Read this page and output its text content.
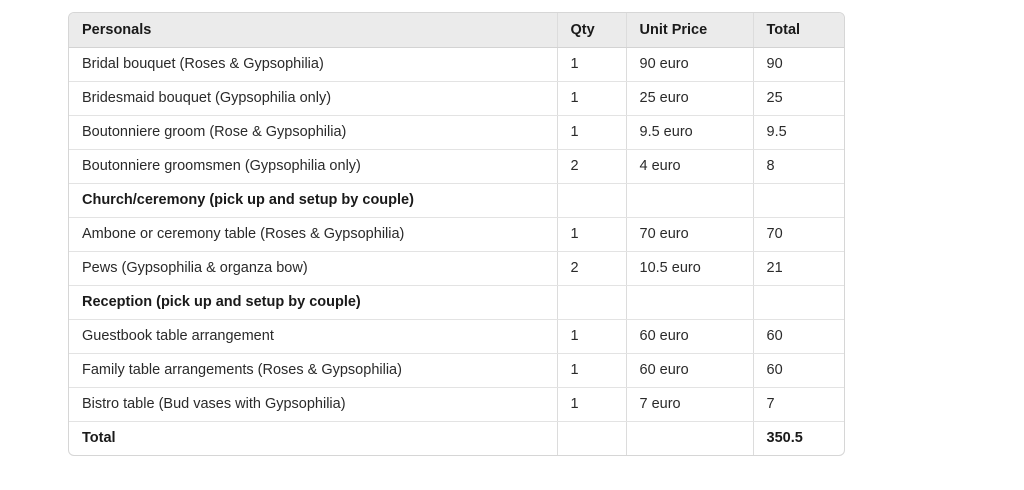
Personals	Qty	Unit Price	Total
Bridal bouquet (Roses & Gypsophilia)	1	90 euro	90
Bridesmaid bouquet (Gypsophilia only)	1	25 euro	25
Boutonniere groom (Rose & Gypsophilia)	1	9.5 euro	9.5
Boutonniere groomsmen (Gypsophilia only)	2	4 euro	8
Church/ceremony (pick up and setup by couple)			
Ambone or ceremony table (Roses & Gypsophilia)	1	70 euro	70
Pews (Gypsophilia & organza bow)	2	10.5 euro	21
Reception (pick up and setup by couple)			
Guestbook table arrangement	1	60 euro	60
Family table arrangements (Roses & Gypsophilia)	1	60 euro	60
Bistro table (Bud vases with Gypsophilia)	1	7 euro	7
Total			350.5
